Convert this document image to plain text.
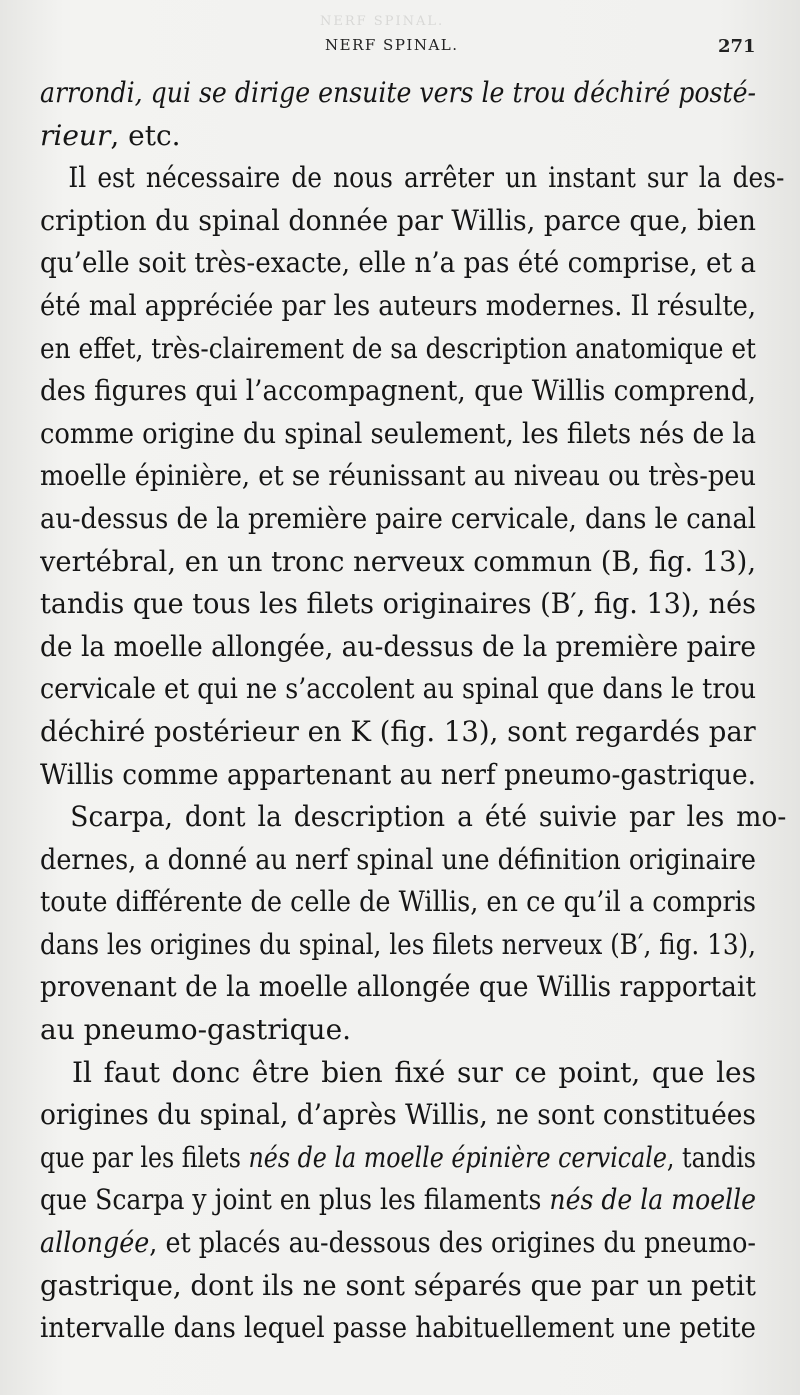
NERF SPINAL.
NERF SPINAL.	271
arrondi, qui se dirige ensuite vers le trou déchiré posté-
rieur, etc.
Il est nécessaire de nous arrêter un instant sur la des-
cription du spinal donnée par Willis, parce que, bien
qu’elle soit très-exacte, elle n’a pas été comprise, et a
été mal appréciée par les auteurs modernes. Il résulte,
en effet, très-clairement de sa description anatomique et
des figures qui l’accompagnent, que Willis comprend,
comme origine du spinal seulement, les filets nés de la
moelle épinière, et se réunissant au niveau ou très-peu
au-dessus de la première paire cervicale, dans le canal
vertébral, en un tronc nerveux commun (B, fig. 13),
tandis que tous les filets originaires (B′, fig. 13), nés
de la moelle allongée, au-dessus de la première paire
cervicale et qui ne s’accolent au spinal que dans le trou
déchiré postérieur en K (fig. 13), sont regardés par
Willis comme appartenant au nerf pneumo-gastrique.
Scarpa, dont la description a été suivie par les mo-
dernes, a donné au nerf spinal une définition originaire
toute différente de celle de Willis, en ce qu’il a compris
dans les origines du spinal, les filets nerveux (B′, fig. 13),
provenant de la moelle allongée que Willis rapportait
au pneumo-gastrique.
Il faut donc être bien fixé sur ce point, que les
origines du spinal, d’après Willis, ne sont constituées
que par les filets nés de la moelle épinière cervicale, tandis
que Scarpa y joint en plus les filaments nés de la moelle
allongée, et placés au-dessous des origines du pneumo-
gastrique, dont ils ne sont séparés que par un petit
intervalle dans lequel passe habituellement une petite
